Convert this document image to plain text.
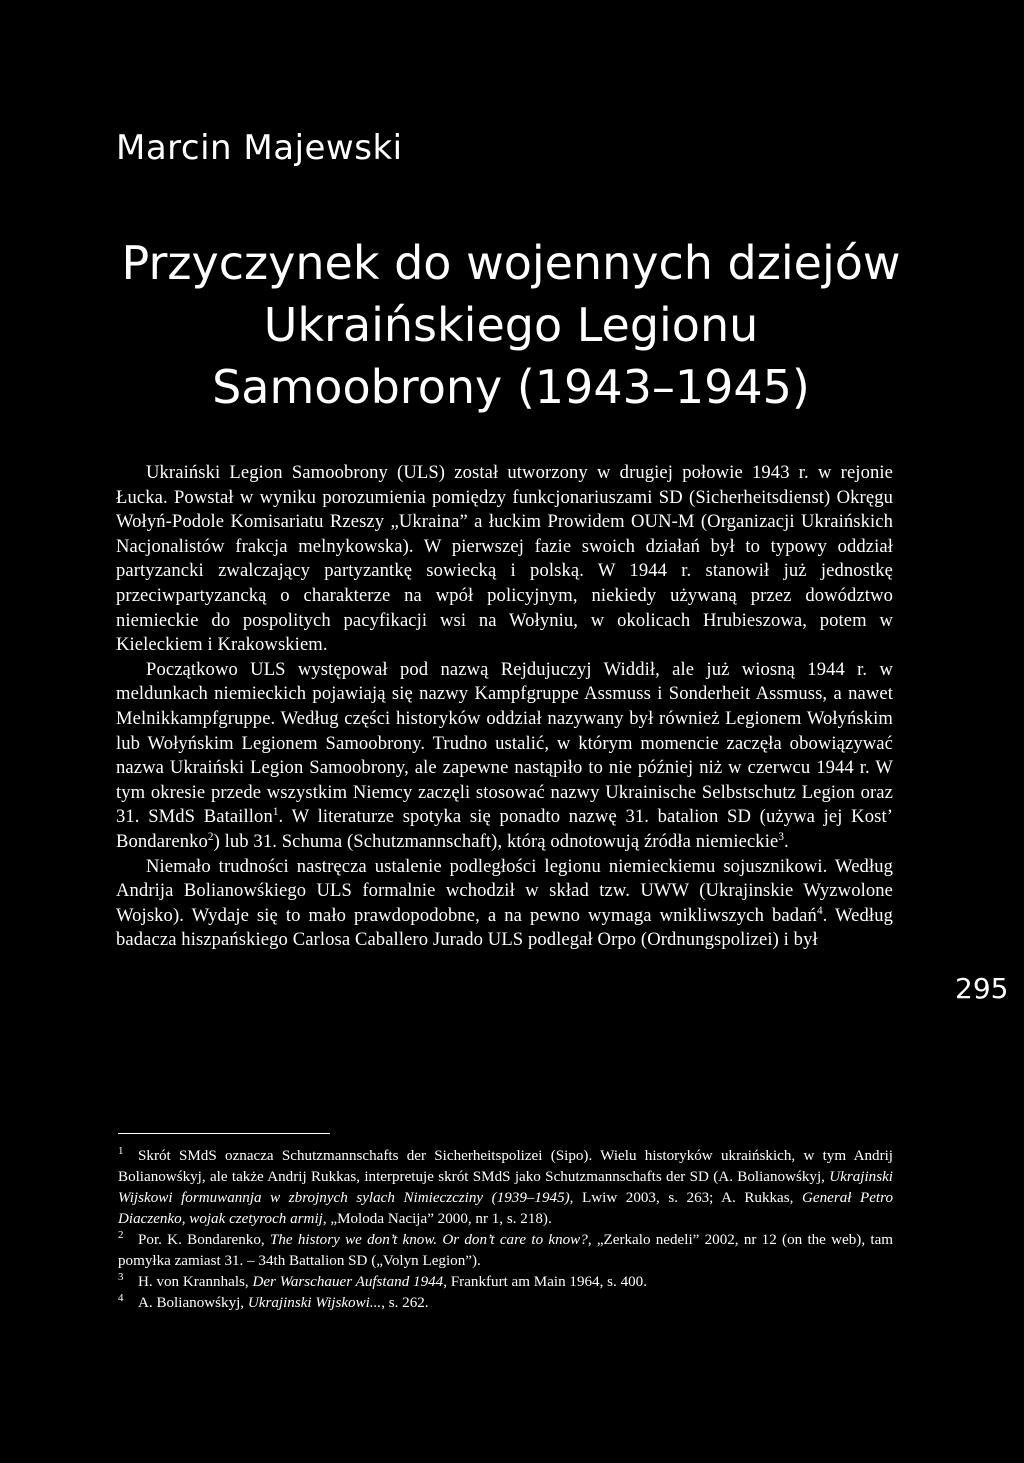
Marcin Majewski
Przyczynek do wojennych dziejów
Ukraińskiego Legionu
Samoobrony (1943–1945)

Ukraiński Legion Samoobrony (ULS) został utworzony w drugiej połowie 1943 r. w rejonie Łucka. Powstał w wyniku porozumienia pomiędzy funkcjonariuszami SD (Sicherheitsdienst) Okręgu Wołyń-Podole Komisariatu Rzeszy „Ukraina” a łuckim Prowidem OUN-M (Organizacji Ukraińskich Nacjonalistów frakcja melnykowska). W pierwszej fazie swoich działań był to typowy oddział partyzancki zwalczający partyzantkę sowiecką i polską. W 1944 r. stanowił już jednostkę przeciwpartyzancką o charakterze na wpół policyjnym, niekiedy używaną przez dowództwo niemieckie do pospolitych pacyfikacji wsi na Wołyniu, w okolicach Hrubieszowa, potem w Kieleckiem i Krakowskiem.

Początkowo ULS występował pod nazwą Rejdujuczyj Widdił, ale już wiosną 1944 r. w meldunkach niemieckich pojawiają się nazwy Kampfgruppe Assmuss i Sonderheit Assmuss, a nawet Melnikkampfgruppe. Według części historyków oddział nazywany był również Legionem Wołyńskim lub Wołyńskim Legionem Samoobrony. Trudno ustalić, w którym momencie zaczęła obowiązywać nazwa Ukraiński Legion Samoobrony, ale zapewne nastąpiło to nie później niż w czerwcu 1944 r. W tym okresie przede wszystkim Niemcy zaczęli stosować nazwy Ukrainische Selbstschutz Legion oraz 31. SMdS Bataillon$^1$. W literaturze spotyka się ponadto nazwę 31. batalion SD (używa jej Kost’ Bondarenko$^2$) lub 31. Schuma (Schutzmannschaft), którą odnotowują źródła niemieckie$^3$.

Niemało trudności nastręcza ustalenie podległości legionu niemieckiemu sojusznikowi. Według Andrija Bolianowśkiego ULS formalnie wchodził w skład tzw. UWW (Ukrajinskie Wyzwolone Wojsko). Wydaje się to mało prawdopodobne, a na pewno wymaga wnikliwszych badań$^4$. Według badacza hiszpańskiego Carlosa Caballero Jurado ULS podlegał Orpo (Ordnungspolizei) i był

295

1 Skrót SMdS oznacza Schutzmannschafts der Sicherheitspolizei (Sipo). Wielu historyków ukraińskich, w tym Andrij Bolianowśkyj, ale także Andrij Rukkas, interpretuje skrót SMdS jako Schutzmannschafts der SD (A. Bolianowśkyj, Ukrajinski Wijskowi formuwannja w zbrojnych sylach Nimieczcziny (1939–1945), Lwiw 2003, s. 263; A. Rukkas, Generał Petro Diaczenko, wojak czetyroch armij, „Moloda Nacija” 2000, nr 1, s. 218).

2 Por. K. Bondarenko, The history we don’t know. Or don’t care to know?, „Zerkalo nedeli” 2002, nr 12 (on the web), tam pomyłka zamiast 31. – 34th Battalion SD („Volyn Legion”).

3 H. von Krannhals, Der Warschauer Aufstand 1944, Frankfurt am Main 1964, s. 400.

4 A. Bolianowśkyj, Ukrajinski Wijskowi..., s. 262.
